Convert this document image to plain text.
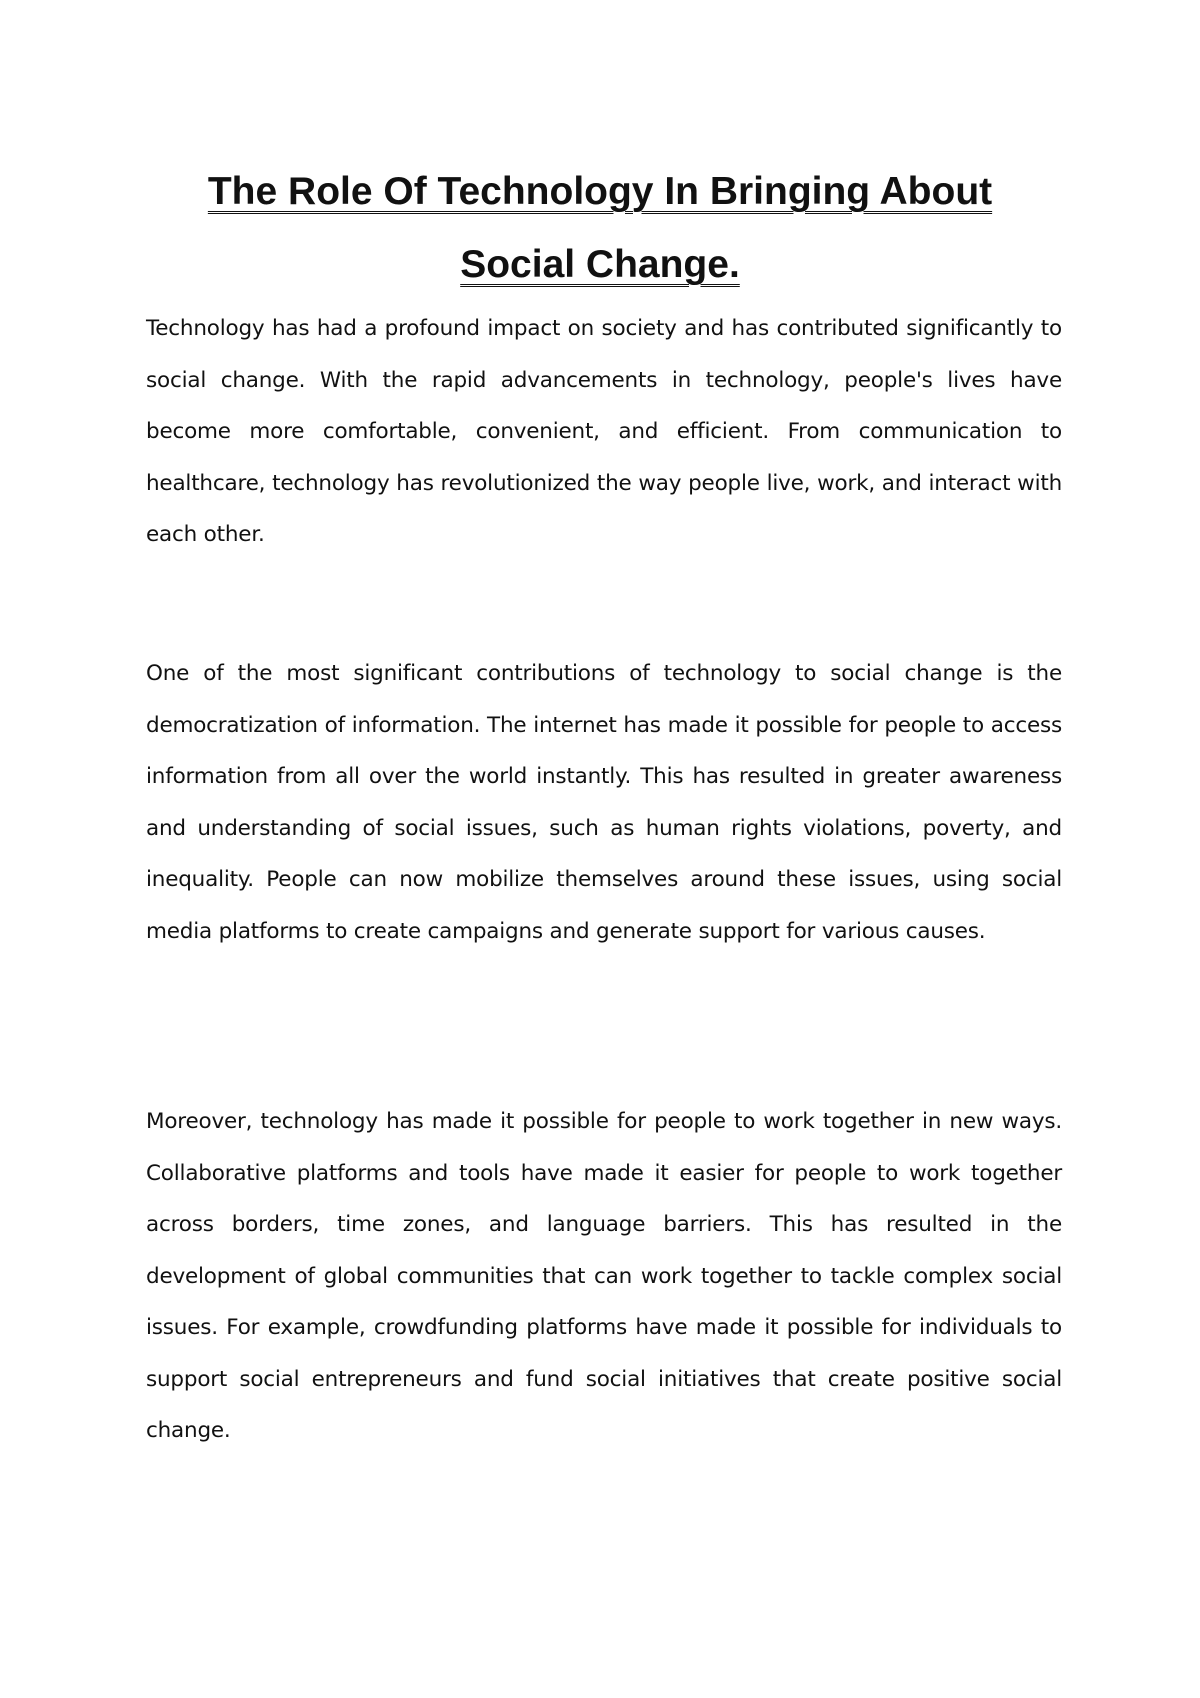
The Role Of Technology In Bringing About
Social Change.

Technology has had a profound impact on society and has contributed significantly to social change. With the rapid advancements in technology, people's lives have become more comfortable, convenient, and efficient. From communication to healthcare, technology has revolutionized the way people live, work, and interact with each other.

One of the most significant contributions of technology to social change is the democratization of information. The internet has made it possible for people to access information from all over the world instantly. This has resulted in greater awareness and understanding of social issues, such as human rights violations, poverty, and inequality. People can now mobilize themselves around these issues, using social media platforms to create campaigns and generate support for various causes.

Moreover, technology has made it possible for people to work together in new ways. Collaborative platforms and tools have made it easier for people to work together across borders, time zones, and language barriers. This has resulted in the development of global communities that can work together to tackle complex social issues. For example, crowdfunding platforms have made it possible for individuals to support social entrepreneurs and fund social initiatives that create positive social change.
